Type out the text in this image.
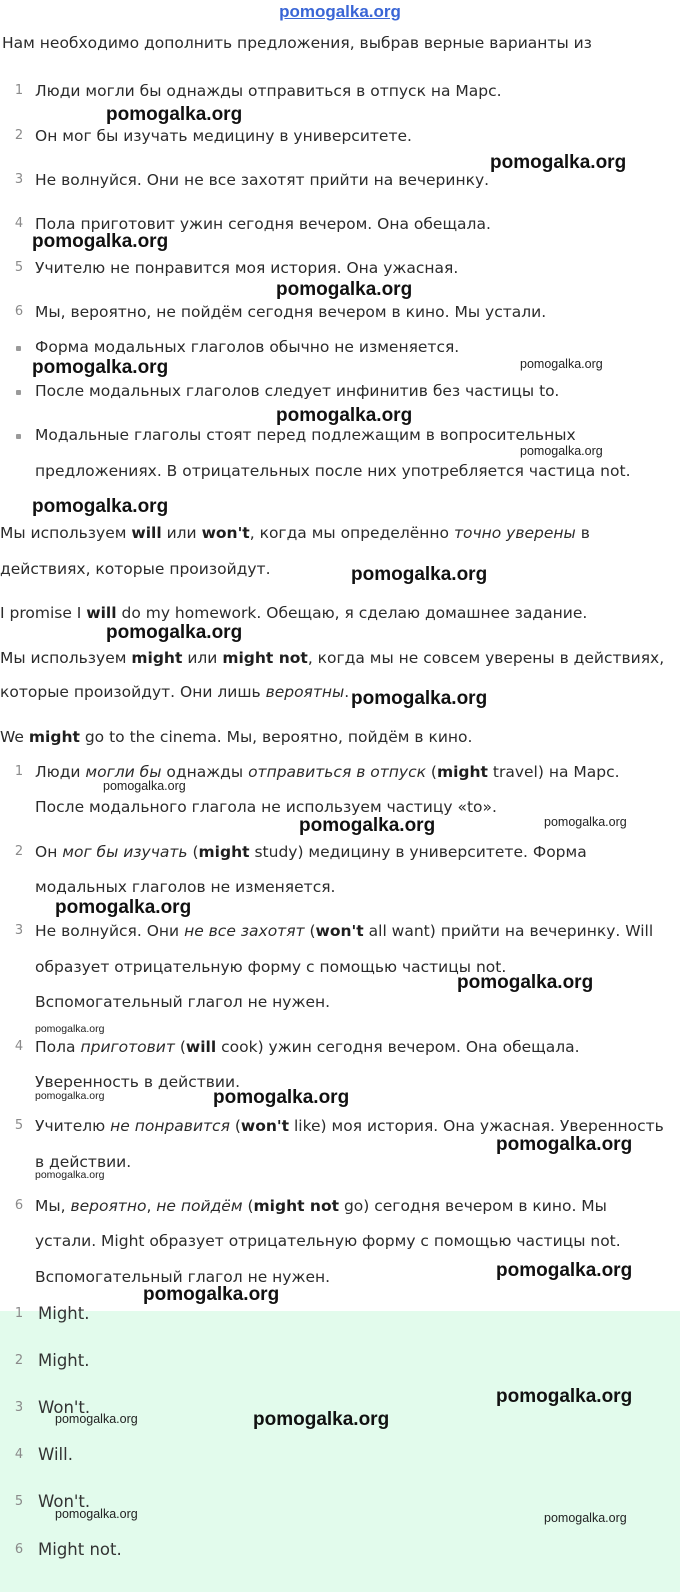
pomogalka.org
Нам необходимо дополнить предложения, выбрав верные варианты из
1 Люди могли бы однажды отправиться в отпуск на Марс.
2 Он мог бы изучать медицину в университете.
3 Не волнуйся. Они не все захотят прийти на вечеринку.
4 Пола приготовит ужин сегодня вечером. Она обещала.
5 Учителю не понравится моя история. Она ужасная.
6 Мы, вероятно, не пойдём сегодня вечером в кино. Мы устали.
Форма модальных глаголов обычно не изменяется.
После модальных глаголов следует инфинитив без частицы to.
Модальные глаголы стоят перед подлежащим в вопросительных
предложениях. В отрицательных после них употребляется частица not.
Мы используем will или won't, когда мы определённо точно уверены в
действиях, которые произойдут.
I promise I will do my homework. Обещаю, я сделаю домашнее задание.
Мы используем might или might not, когда мы не совсем уверены в действиях,
которые произойдут. Они лишь вероятны.
We might go to the cinema. Мы, вероятно, пойдём в кино.
1 Люди могли бы однажды отправиться в отпуск (might travel) на Марс.
После модального глагола не используем частицу «to».
2 Он мог бы изучать (might study) медицину в университете. Форма
модальных глаголов не изменяется.
3 Не волнуйся. Они не все захотят (won't all want) прийти на вечеринку. Will
образует отрицательную форму с помощью частицы not.
Вспомогательный глагол не нужен.
4 Пола приготовит (will cook) ужин сегодня вечером. Она обещала.
Уверенность в действии.
5 Учителю не понравится (won't like) моя история. Она ужасная. Уверенность
в действии.
6 Мы, вероятно, не пойдём (might not go) сегодня вечером в кино. Мы
устали. Might образует отрицательную форму с помощью частицы not.
Вспомогательный глагол не нужен.
1 Might.
2 Might.
3 Won't.
4 Will.
5 Won't.
6 Might not.
pomogalka.org
pomogalka.org
pomogalka.org
pomogalka.org
pomogalka.org	pomogalka.org
pomogalka.org
pomogalka.org
pomogalka.org
pomogalka.org
pomogalka.org
pomogalka.org
pomogalka.org
pomogalka.org	pomogalka.org
pomogalka.org
pomogalka.org
pomogalka.org
pomogalka.org	pomogalka.org
pomogalka.org
pomogalka.org
pomogalka.org
pomogalka.org
pomogalka.org
pomogalka.org	pomogalka.org
pomogalka.org	pomogalka.org
